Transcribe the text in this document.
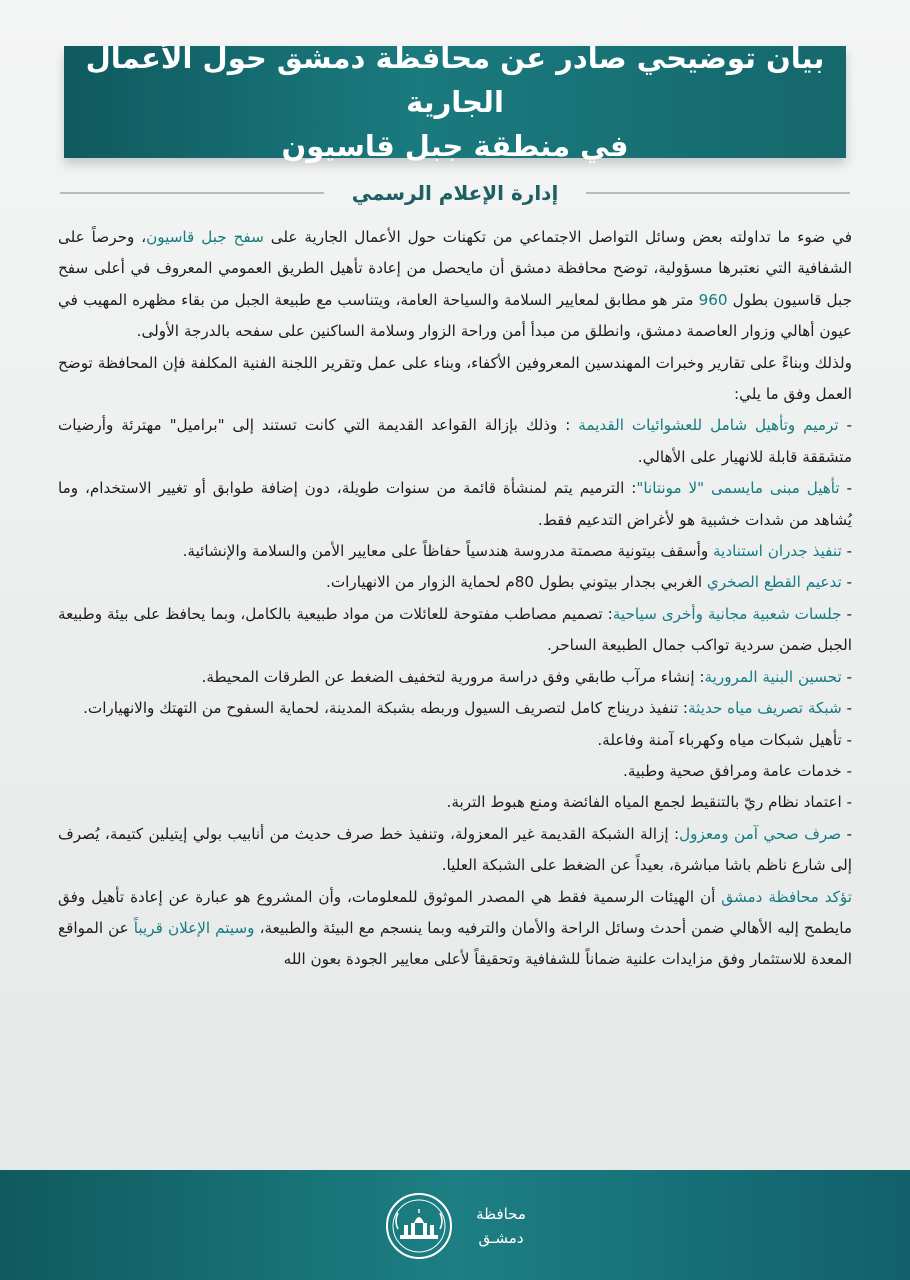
بيان توضيحي صادر عن محافظة دمشق حول الأعمال الجارية
في منطقة جبل قاسيون
إدارة الإعلام الرسمي

في ضوء ما تداولته بعض وسائل التواصل الاجتماعي من تكهنات حول الأعمال الجارية على سفح جبل قاسيون، وحرصاً على الشفافية التي نعتبرها مسؤولية، توضح محافظة دمشق أن مايحصل من إعادة تأهيل الطريق العمومي المعروف في أعلى سفح جبل قاسيون بطول 960 متر هو مطابق لمعايير السلامة والسياحة العامة، ويتناسب مع طبيعة الجبل من بقاء مظهره المهيب في عيون أهالي وزوار العاصمة دمشق، وانطلق من مبدأ أمن وراحة الزوار وسلامة الساكنين على سفحه بالدرجة الأولى.

ولذلك وبناءً على تقارير وخبرات المهندسين المعروفين الأكفاء، وبناء على عمل وتقرير اللجنة الفنية المكلفة فإن المحافظة توضح العمل وفق ما يلي:

- ترميم وتأهيل شامل للعشوائيات القديمة : وذلك بإزالة القواعد القديمة التي كانت تستند إلى "براميل" مهترئة وأرضيات متشققة قابلة للانهيار على الأهالي.

- تأهيل مبنى مايسمى "لا مونتانا": الترميم يتم لمنشأة قائمة من سنوات طويلة، دون إضافة طوابق أو تغيير الاستخدام، وما يُشاهد من شدات خشبية هو لأغراض التدعيم فقط.

- تنفيذ جدران استنادية وأسقف بيتونية مصمتة مدروسة هندسياً حفاظاً على معايير الأمن والسلامة والإنشائية.

- تدعيم القطع الصخري الغربي بجدار بيتوني بطول 80م لحماية الزوار من الانهيارات.

- جلسات شعبية مجانية وأخرى سياحية: تصميم مصاطب مفتوحة للعائلات من مواد طبيعية بالكامل، وبما يحافظ على بيئة وطبيعة الجبل ضمن سردية تواكب جمال الطبيعة الساحر.

- تحسين البنية المرورية: إنشاء مرآب طابقي وفق دراسة مرورية لتخفيف الضغط عن الطرقات المحيطة.

- شبكة تصريف مياه حديثة: تنفيذ دريناج كامل لتصريف السيول وربطه بشبكة المدينة، لحماية السفوح من التهتك والانهيارات.

- تأهيل شبكات مياه وكهرباء آمنة وفاعلة.

- خدمات عامة ومرافق صحية وطبية.

- اعتماد نظام ريّ بالتنقيط لجمع المياه الفائضة ومنع هبوط التربة.

- صرف صحي آمن ومعزول: إزالة الشبكة القديمة غير المعزولة، وتنفيذ خط صرف حديث من أنابيب بولي إيتيلين كتيمة، يُصرف إلى شارع ناظم باشا مباشرة، بعيداً عن الضغط على الشبكة العليا.

تؤكد محافظة دمشق أن الهيئات الرسمية فقط هي المصدر الموثوق للمعلومات، وأن المشروع هو عبارة عن إعادة تأهيل وفق مايطمح إليه الأهالي ضمن أحدث وسائل الراحة والأمان والترفيه وبما ينسجم مع البيئة والطبيعة، وسيتم الإعلان قريباً عن المواقع المعدة للاستثمار وفق مزايدات علنية ضماناً للشفافية وتحقيقاً لأعلى معايير الجودة بعون الله

محافظة
دمشـق
